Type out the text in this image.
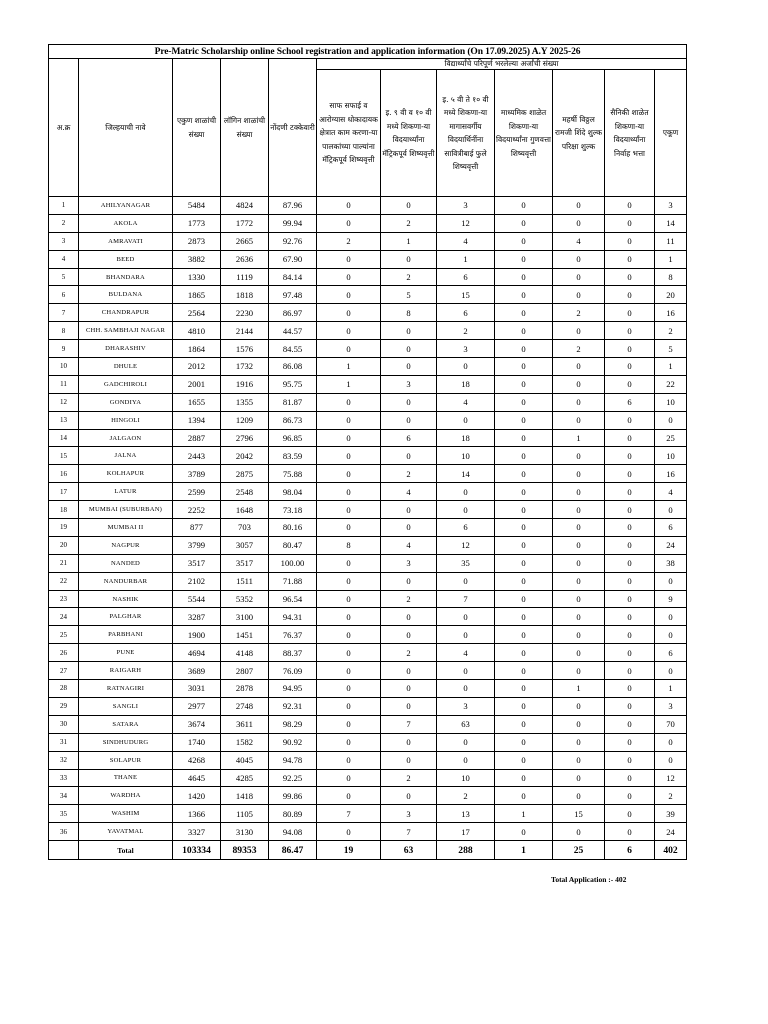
Pre-Matric Scholarship online School registration and application information (On 17.09.2025) A.Y 2025-26											
अ.क्र	जिल्हयाची नावे	एकुण शाळांची संख्या	लॉगिन शाळांची संख्या	नोंदणी टक्केवारी	विद्यार्थ्यांचे परिपूर्ण भरलेल्या अर्जांची संख्या						
					साफ सफाई व आरोग्यास धोकादायक क्षेत्रात काम करणा-या पालकांच्या पाल्यांना मॅट्रिकपूर्व शिष्यवृत्ती	इ. ९ वी व १० वी मध्ये शिकणा-या विदयार्थ्यांना मॅट्रिकपूर्व शिष्यवृत्ती	इ. ५ वी ते १० वी मध्ये शिकणा-या मागासवर्गीय विदयार्थिनींना सावित्रीबाई फुले शिष्यवृत्ती	माध्यमिक शाळेत शिकणा-या विदयार्थ्यांना गुणवत्ता शिष्यवृत्ती	महर्षी विठ्ठल रामजी शिंदे शुल्क परिक्षा शुल्क	सैनिकी शाळेत शिकणा-या विदयार्थ्यांना निर्वाह भत्ता	एकूण
1	AHILYANAGAR	5484	4824	87.96	0	0	3	0	0	0	3
2	AKOLA	1773	1772	99.94	0	2	12	0	0	0	14
3	AMRAVATI	2873	2665	92.76	2	1	4	0	4	0	11
4	BEED	3882	2636	67.90	0	0	1	0	0	0	1
5	BHANDARA	1330	1119	84.14	0	2	6	0	0	0	8
6	BULDANA	1865	1818	97.48	0	5	15	0	0	0	20
7	CHANDRAPUR	2564	2230	86.97	0	8	6	0	2	0	16
8	CHH. SAMBHAJI NAGAR	4810	2144	44.57	0	0	2	0	0	0	2
9	DHARASHIV	1864	1576	84.55	0	0	3	0	2	0	5
10	DHULE	2012	1732	86.08	1	0	0	0	0	0	1
11	GADCHIROLI	2001	1916	95.75	1	3	18	0	0	0	22
12	GONDIYA	1655	1355	81.87	0	0	4	0	0	6	10
13	HINGOLI	1394	1209	86.73	0	0	0	0	0	0	0
14	JALGAON	2887	2796	96.85	0	6	18	0	1	0	25
15	JALNA	2443	2042	83.59	0	0	10	0	0	0	10
16	KOLHAPUR	3789	2875	75.88	0	2	14	0	0	0	16
17	LATUR	2599	2548	98.04	0	4	0	0	0	0	4
18	MUMBAI (SUBURBAN)	2252	1648	73.18	0	0	0	0	0	0	0
19	MUMBAI II	877	703	80.16	0	0	6	0	0	0	6
20	NAGPUR	3799	3057	80.47	8	4	12	0	0	0	24
21	NANDED	3517	3517	100.00	0	3	35	0	0	0	38
22	NANDURBAR	2102	1511	71.88	0	0	0	0	0	0	0
23	NASHIK	5544	5352	96.54	0	2	7	0	0	0	9
24	PALGHAR	3287	3100	94.31	0	0	0	0	0	0	0
25	PARBHANI	1900	1451	76.37	0	0	0	0	0	0	0
26	PUNE	4694	4148	88.37	0	2	4	0	0	0	6
27	RAIGARH	3689	2807	76.09	0	0	0	0	0	0	0
28	RATNAGIRI	3031	2878	94.95	0	0	0	0	1	0	1
29	SANGLI	2977	2748	92.31	0	0	3	0	0	0	3
30	SATARA	3674	3611	98.29	0	7	63	0	0	0	70
31	SINDHUDURG	1740	1582	90.92	0	0	0	0	0	0	0
32	SOLAPUR	4268	4045	94.78	0	0	0	0	0	0	0
33	THANE	4645	4285	92.25	0	2	10	0	0	0	12
34	WARDHA	1420	1418	99.86	0	0	2	0	0	0	2
35	WASHIM	1366	1105	80.89	7	3	13	1	15	0	39
36	YAVATMAL	3327	3130	94.08	0	7	17	0	0	0	24
	Total	103334	89353	86.47	19	63	288	1	25	6	402
Total Application :- 402
